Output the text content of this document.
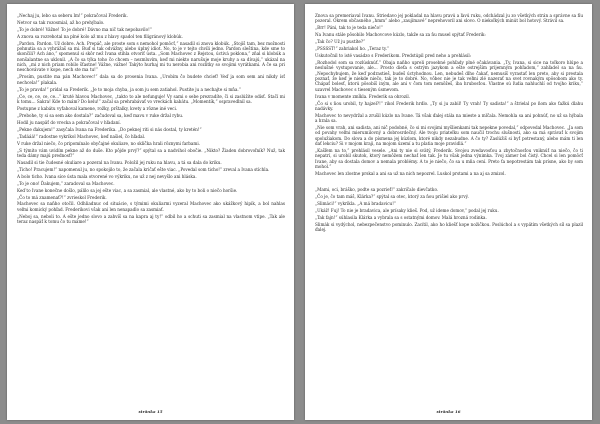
„Nechaj ju, lebo sa seberu ĺm!“ pokračoval Frederik.

Netvor sa tak rozosmial, až ho prehýbalo.

„To je dobré! Vážne! To je dobré! Dávno ma nič tak nepobavilo!“

A znova sa rozrehotal na plné kolo až mu z hlavy spadol ten filigránový klobúk.

„Pardon. Pardon. Už dobre. Ach. Prepáč, ale proste som s nemohol pomôcť,“ nasadil si znova klobúk. „Stojíš tam, bez možnosti pohnutia sa a vyhrážaš sa mi. Buď si tak odvážny, alebo úplný idiot. No, to je v tejto chvíli jedno. Pardon sleština, kde sme to skončili? Ach áno,“ spomenul si skôr než Ivana stihla otvoriť ústa. „Som Machovec z Rejstou, úctivá poklona,“ zňal si klobúk a nonšalantne sa uklonil. „A čo sa týka toho čo chcem – nezmluvím, keď mi niekto narušuje moje kruhy a sa dívajú,“ ukázal na nich, „mi z nich priam robilo šťastne! Vážne, vážne! Takýto hurhaj mi tu nerobia ani rozlitky so svojimi vyrátkami. A če sa pri neschovávate v kope, nech ste ma tu!“

„Prosím, pustite ma pán Machovec!“ dala sa do prosenia Ivana. „Urobím čo budete chcieť! Veď ja som sem ani nikdy ísť nechcela!“ plakala.

„To je pravda!“ pridal sa Frederik. „Je to moja chyba, ja som ju sem zatiahol. Pustite ju a nechajte si mňa.“

„Ce, ce, ce, ce, ce...“ kruté hlavou Machovec, „takto to ale nefunguje! Vy sami o sebe prezradíte, či si zaslúžite odísť. Stačí mi k tomu... Sakra! Kde to mám? Do kelu!“ začal sa prehrabávať vo vreckách kabátu. „Momentík,“ ospravedlnil sa.

Postupne z kabátu vyťahoval kamene, rožky, prštalky, kvety a rôzne iné veci.

„Prebohe, ty si sa sem ako dostala?“ začudoval sa, keď mavu v ruke držal rybu.

Hodil ju naspäť do vrecka a pokračoval v hľadaní.

„Pekne ďakujem!“ zasyčala Ivana na Frederika. „Do peknej riti si nás dostal, ty kretén!“

„Tadááá!“ radostne vykríkol Machovec, keď našiel, čo hľadal.

V ruke držal niečo, čo pripomínalo obyčajné okuliare, no sklíčka hrali rôznymi farbami.

„S týmito vám uvidím pekne až do duše. Kto pôjde prvý?“ spýtal sa a nadvihol obočie. „Nikto? Žiaden dobrovoľník? Nuž, tak teda dámy majú prednosť!“

Nasadil si tie čudesné okuliare a pozeral na Ivanu. Položil jej ruku na hlavu, a tá sa dala do kriku.

„Ticho! Pracujem!“ napomenul ju, no spokojilo to, že začala kričať ešte viac. „Povedal som ticho!“ zreval a Ivana stíchla.

A bolo ticho. Ivana síce ústa mala otvorené vo výkriku, no už z nej nevyšlo ani hláska.

„To je ono! Ďakujem,“ zaradoval sa Machovec.

Keď to Ivane konečne došlo, pálilo sa jej ešte viac, a sa zasmial, ale vlastné, ako by to boli o niečo horšie.

„Čo to má znamenať?!“ zvrieskol Frederik.

Machovec sa naňho otočil. Odhliadnuc od situácie, s týmimi okuliarmi vyzeral Machovec ako ukážkový hipík, a bol nahlas veľmi komický pohľad. Frederikovi však ani len nenapadlo sa zasmiať.

„Neboj sa, neboli to. A ešte jedno slovo a zahvíš sa na kapra aj ty!“ odbil ho a schuti sa zasmial na vlastnom vtipe. „Tak ale teraz naspäť k tomu čo tu máme!“

strânka 15

Znova sa premeriaval Ivanu. Striedavo jej pokladal na hlavu pravú a ľavú ruku, odchádzal ju zo všetkých strán a správne sa fíu pozeral. Okrem občasného „hmm“ alebo „zaujímavé“ neprehovoril ani slovo. O niekoľkých minút bol hotový. Strávil sa.

„Brr! Páni, tak to je teda niečo!“

Na Ivanu stále pôsobilo Machovcove kúzlo, takže sa za ňu musel spýtať Frederik:

„Tak čo? Už ju pustíte?“

„PSSSST!“ zahriakol ho. „Teraz ty.“

Uskutočnil to isté vasádzo s Frederikom. Predstúpil pred neho a prehlásil:

„Rozhodol som sa rozlúsknúť.“ Obaja naňho upreli prosebné pohľady plné očakávania. „Ty, Ivana, si sice na toľkoro hlúpe a neslušné vystupovanie, ale... Prosto dieťa s ostrým jazykom a ešte ostrejším prijemným pohľadom,“ zahľadel sa na ňu. „Nepochybujem, že keď podrastieš, budeš úctyhodnou. Len, nebudeš dlho čakať, nemusíš vyrastať len preto, aby si prestala poznať, že keď je niekde niečo, tak je to dobré. No, vôbec nie je tak veľmi zlé nazerať na svet rovnakým spôsobom ako ty. Chápať bolesť, ktorú pôsobíš iným, ale ani v čom tom nemôžeš, iba hrubosťou. Vlastne sú ľudia nahluchlí od tvojho kriku,“ uzavrel Machovec s tieseným úsmevom.

Ivana v momente zmĺkla. Frederik sa ohrozil.

„Čo si s ňou urobil, ty hajzel?!“ rikol Frederik hrdlo. „Ty si ju zabil! Ty vrah! Ty sadista!“ a štrielal po ňom ako ťažkú dlahu nadávky.

Machovec to nevydržal a zrušil kúzlo na Ivane. Tá však ďalej stála na mieste a mlčala. Nemohla sa ani pohnúť, no už sa hýbala a hrala sa.

„Nie som vrah, ani sadista, ani nič podobné, čo si mi svojimi myšlienkami tak nepekne povedal,“ odpovedal Machovec. „Ja som od povahy veľmi mierumilovný a dobrosrdečný. Ale tvoju priateľku som naučil trochu slušnosti, ako sa má správať k svojim spolužiakom. Do slova a do písmena jej kúzlom, ktoré nikdy nezabudne. A čo ty? Zaslúžiš si byť potrestaný, alebo mám ti len dať lekciu? Si v mojom kraji, na mojom území a tu platia moje pravidlá.“

„Kašľem na to,“ prehlásil vesele. „Ani ty nie si svätý, Frederik. Svojou zvedavosťou a zbytočnosťou vniknúť na niečo, čo ti nepatrí, si urobil skutok, ktorý nemôžem nechať len tak. Je tu však jedna výnimka. Tvoj zámer bol čistý. Chcel si len pomôcť Ivane, aby sa dostala domov a nemala problémy. A to je niečo, čo sa u mňa cení. Preto ťa nepotrestám tak prísne, ako by som mohol.“

Machovec len zlostne prskal a ani sa už na nich nepozrel. Luskol prstami a na aj sa zmizol.

„Mami, oci, bráško, podte sa pozrieť!“ zakričalo dievčatko.

„Čo je, čo tam máš, Klárka?“ spýtal sa otec, ktorý za ňou prišiel ako prvý.

„Slimáci!“ vykríkla. „A má bradavicu!“

„Ukáž! Fuj! To nie je bradavica, ale prísaky klieš. Pod, už ideme domov,“ podal jej ruku.

„Tak fajn!“ súhlasila Klárka a vybrala sa s ostatnými domov. Malá hrozná rodinka.

Slimák si vydýchol, nebezpečenstvo pominulo. Zacítil, ako ho kliešť kope nožičkou. Poslúchol a s vypätím všetkých síl sa plazil ďalej.

strânka 16
